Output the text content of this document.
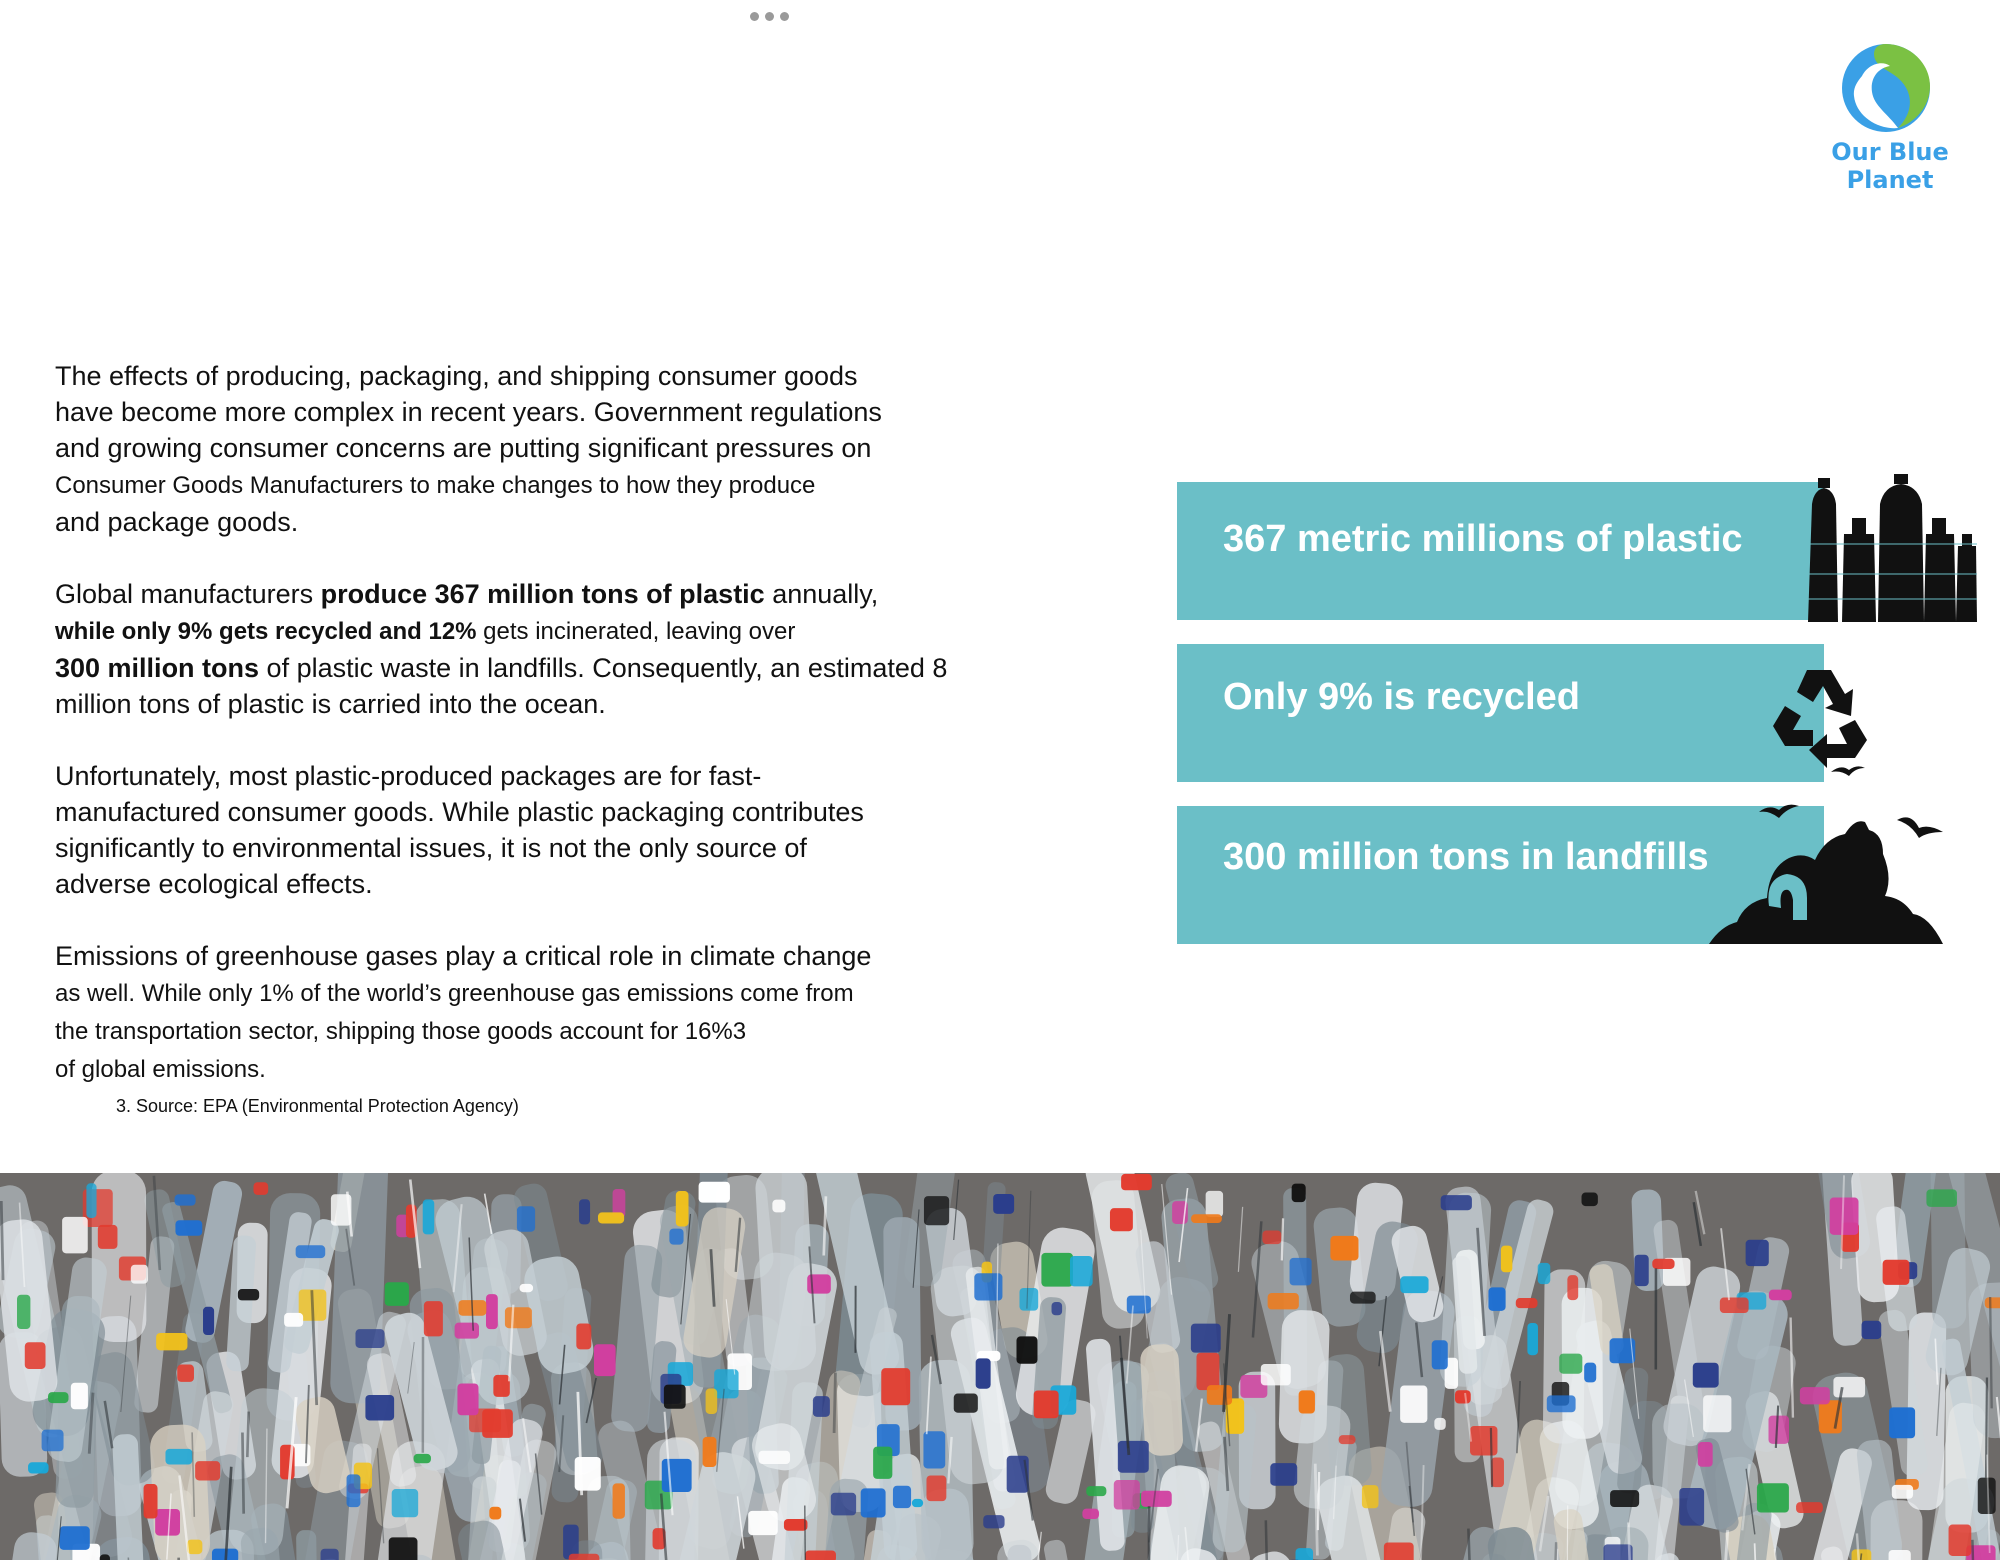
Our Blue Planet

The effects of producing, packaging, and shipping consumer goods
have become more complex in recent years. Government regulations
and growing consumer concerns are putting significant pressures on
Consumer Goods Manufacturers to make changes to how they produce
and package goods.

Global manufacturers produce 367 million tons of plastic annually,
while only 9% gets recycled and 12% gets incinerated, leaving over
300 million tons of plastic waste in landfills. Consequently, an estimated 8
million tons of plastic is carried into the ocean.

Unfortunately, most plastic-produced packages are for fast-
manufactured consumer goods. While plastic packaging contributes
significantly to environmental issues, it is not the only source of
adverse ecological effects.

Emissions of greenhouse gases play a critical role in climate change
as well. While only 1% of the world’s greenhouse gas emissions come from
the transportation sector, shipping those goods account for 16%3
of global emissions.

3. Source: EPA (Environmental Protection Agency)
367 metric millions of plastic
Only 9% is recycled
300 million tons in landfills
